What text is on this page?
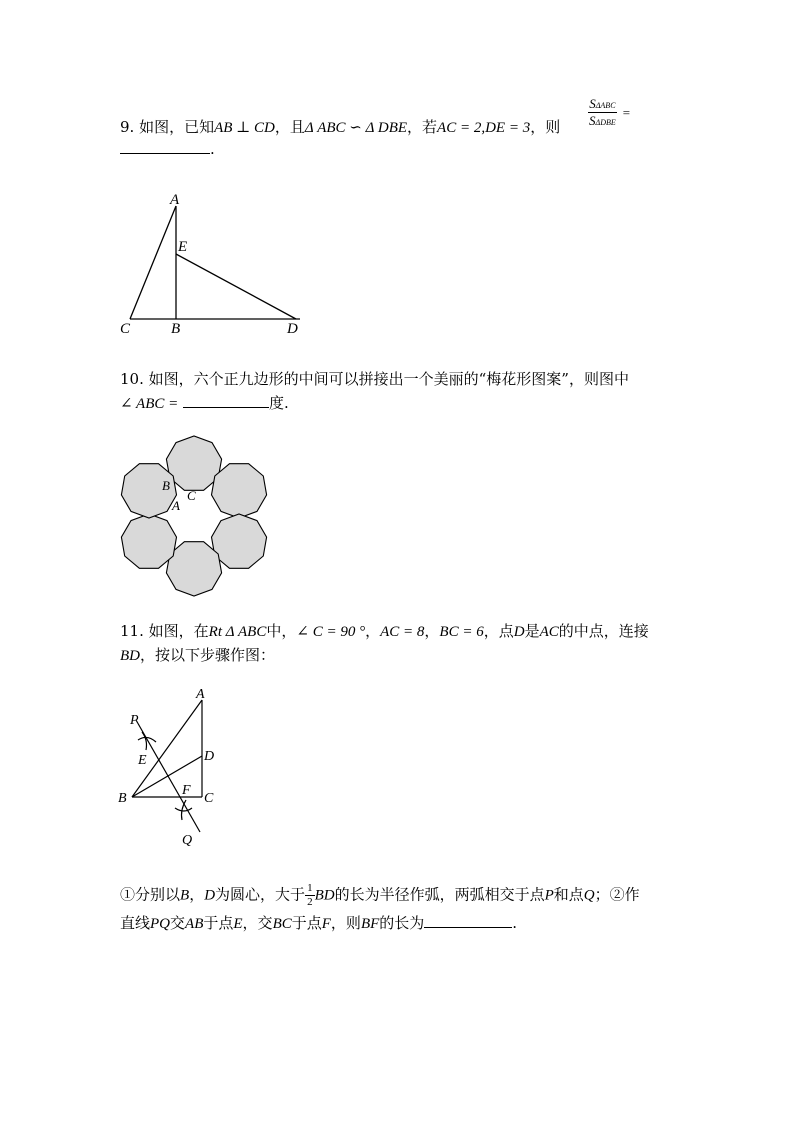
9. 如图，已知AB ⊥ CD，且Δ ABC ∽ Δ DBE，若AC = 2,DE = 3，则
SΔABC
SΔDBE
=
.
A
E
C	B	D
10. 如图，六个正九边形的中间可以拼接出一个美丽的“梅花形图案”，则图中
∠ ABC =	度.
B
C
A
11. 如图，在Rt Δ ABC中，∠ C = 90 °，AC = 8，BC = 6，点D是AC的中点，连接
BD，按以下步骤作图：
P
A
E	D
B
F
C
Q
①分别以B，D为圆心，大于 $\frac{1}{2}$ BD的长为半径作弧，两弧相交于点P和点Q；②作
直线PQ交AB于点E，交BC于点F，则BF的长为	.
